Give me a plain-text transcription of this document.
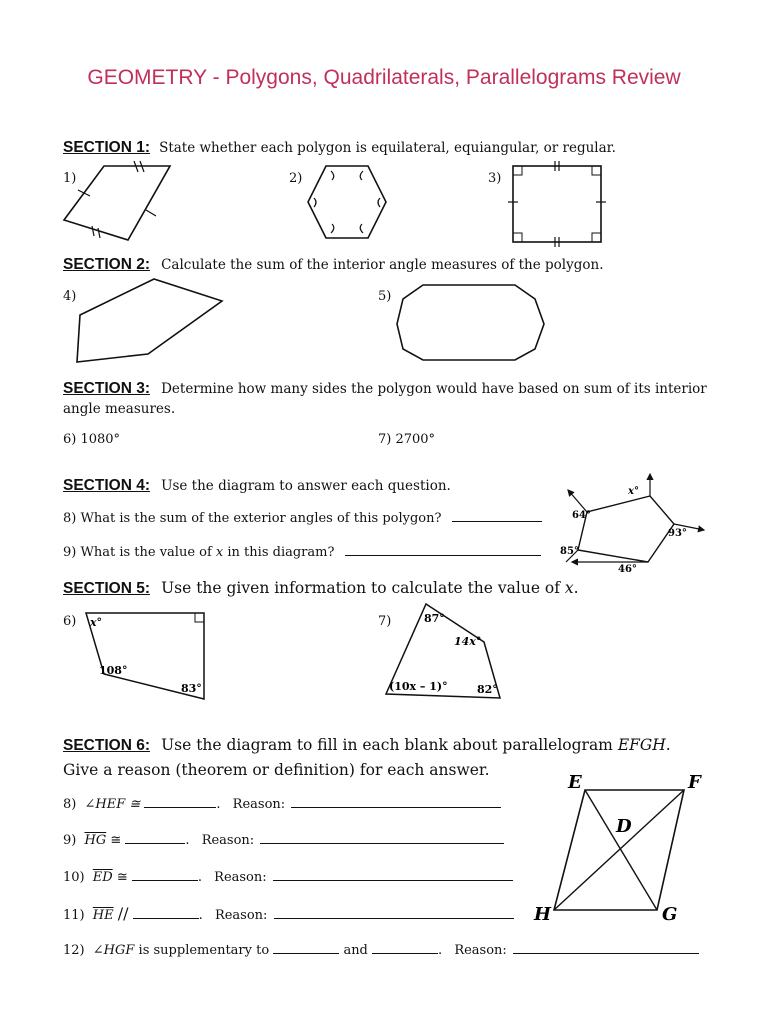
GEOMETRY - Polygons, Quadrilaterals, Parallelograms Review
SECTION 1: State whether each polygon is equilateral, equiangular, or regular.
1)	2)	3)
SECTION 2: Calculate the sum of the interior angle measures of the polygon.
4)	5)
SECTION 3: Determine how many sides the polygon would have based on sum of its interior
angle measures.
6) 1080°	7) 2700°
SECTION 4: Use the diagram to answer each question.
8) What is the sum of the exterior angles of this polygon?
9) What is the value of x in this diagram?
64°
x°
93°
85°
46°
SECTION 5: Use the given information to calculate the value of x.
6)	7)
x°
108°
83°
87°
14x°
(10x – 1)°	82°
SECTION 6: Use the diagram to fill in each blank about parallelogram EFGH.
Give a reason (theorem or definition) for each answer.
8) ∠HEF ≅	. Reason:
9) $\overline{HG}$ ≅	. Reason:
10) $\overline{ED}$ ≅	. Reason:
11) $\overline{HE}$ //	. Reason:
12) ∠HGF is supplementary to	and	. Reason:
E	F
G
H
D
